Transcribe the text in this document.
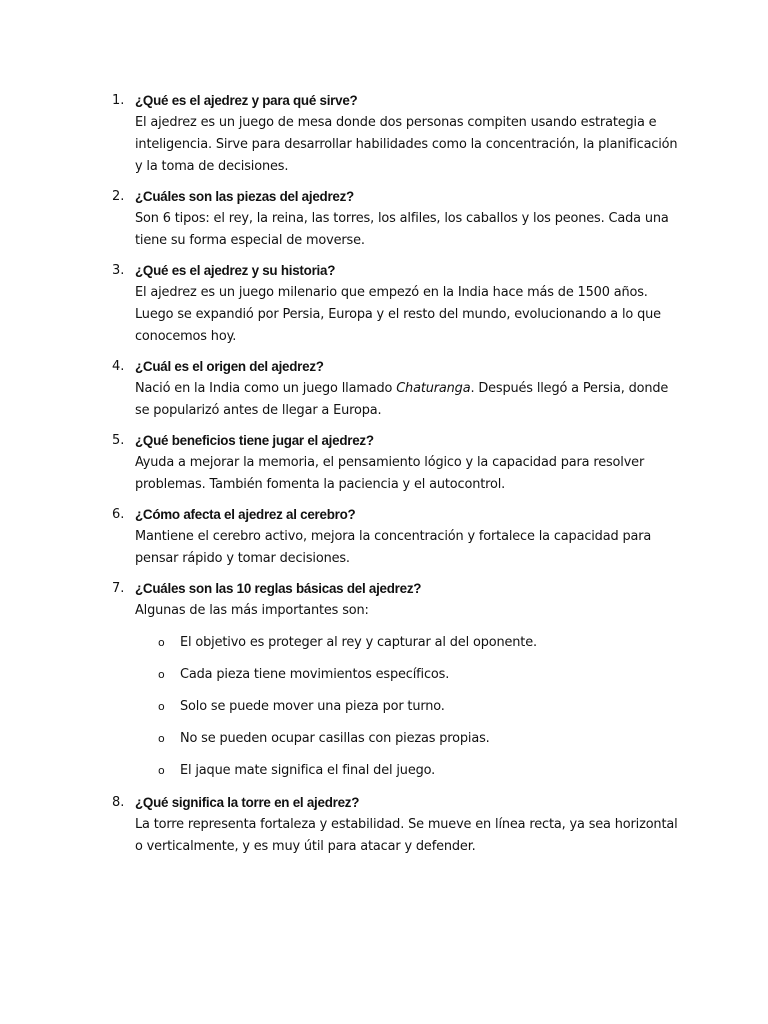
1. ¿Qué es el ajedrez y para qué sirve?
El ajedrez es un juego de mesa donde dos personas compiten usando estrategia e inteligencia. Sirve para desarrollar habilidades como la concentración, la planificación y la toma de decisiones.
2. ¿Cuáles son las piezas del ajedrez?
Son 6 tipos: el rey, la reina, las torres, los alfiles, los caballos y los peones. Cada una tiene su forma especial de moverse.
3. ¿Qué es el ajedrez y su historia?
El ajedrez es un juego milenario que empezó en la India hace más de 1500 años. Luego se expandió por Persia, Europa y el resto del mundo, evolucionando a lo que conocemos hoy.
4. ¿Cuál es el origen del ajedrez?
Nació en la India como un juego llamado Chaturanga. Después llegó a Persia, donde se popularizó antes de llegar a Europa.
5. ¿Qué beneficios tiene jugar el ajedrez?
Ayuda a mejorar la memoria, el pensamiento lógico y la capacidad para resolver problemas. También fomenta la paciencia y el autocontrol.
6. ¿Cómo afecta el ajedrez al cerebro?
Mantiene el cerebro activo, mejora la concentración y fortalece la capacidad para pensar rápido y tomar decisiones.
7. ¿Cuáles son las 10 reglas básicas del ajedrez?
Algunas de las más importantes son:
o El objetivo es proteger al rey y capturar al del oponente.
o Cada pieza tiene movimientos específicos.
o Solo se puede mover una pieza por turno.
o No se pueden ocupar casillas con piezas propias.
o El jaque mate significa el final del juego.
8. ¿Qué significa la torre en el ajedrez?
La torre representa fortaleza y estabilidad. Se mueve en línea recta, ya sea horizontal o verticalmente, y es muy útil para atacar y defender.
